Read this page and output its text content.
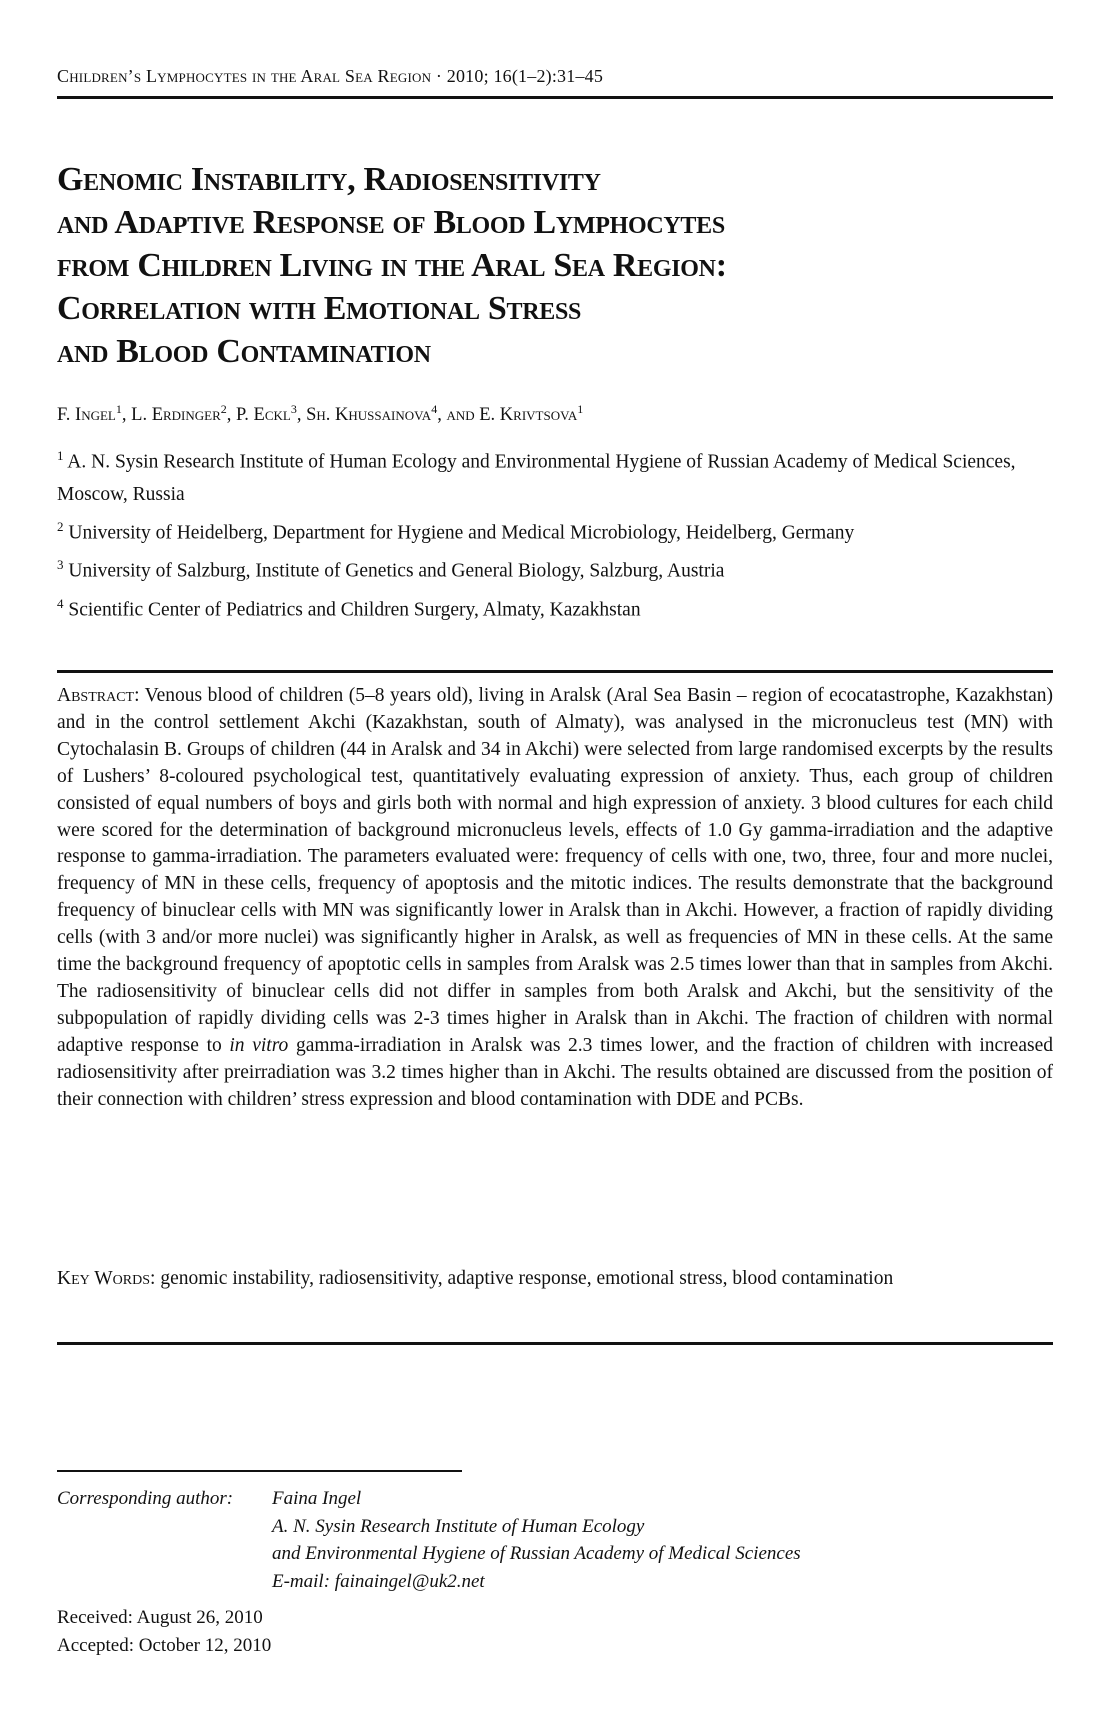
Children’s Lymphocytes in the Aral Sea Region · 2010; 16(1–2):31–45
Genomic Instability, Radiosensitivity
and Adaptive Response of Blood Lymphocytes
from Children Living in the Aral Sea Region:
Correlation with Emotional Stress
and Blood Contamination
F. Ingel$^1$, L. Erdinger$^2$, P. Eckl$^3$, Sh. Khussainova$^4$, and E. Krivtsova$^1$
$^1$ A. N. Sysin Research Institute of Human Ecology and Environmental Hygiene of Russian Academy of Medical Sciences, Moscow, Russia
$^2$ University of Heidelberg, Department for Hygiene and Medical Microbiology, Heidelberg, Germany
$^3$ University of Salzburg, Institute of Genetics and General Biology, Salzburg, Austria
$^4$ Scientific Center of Pediatrics and Children Surgery, Almaty, Kazakhstan
Abstract: Venous blood of children (5–8 years old), living in Aralsk (Aral Sea Basin – region of ecocatastrophe, Kazakhstan) and in the control settlement Akchi (Kazakhstan, south of Almaty), was analysed in the micronucleus test (MN) with Cytochalasin B. Groups of children (44 in Aralsk and 34 in Akchi) were selected from large randomised excerpts by the results of Lushers’ 8-coloured psychological test, quantitatively evaluating expression of anxiety. Thus, each group of children consisted of equal numbers of boys and girls both with normal and high expression of anxiety. 3 blood cultures for each child were scored for the determination of background micronucleus levels, effects of 1.0 Gy gamma-irradiation and the adaptive response to gamma-irradiation. The parameters evaluated were: frequency of cells with one, two, three, four and more nuclei, frequency of MN in these cells, frequency of apoptosis and the mitotic indices. The results demonstrate that the background frequency of binuclear cells with MN was significantly lower in Aralsk than in Akchi. However, a fraction of rapidly dividing cells (with 3 and/or more nuclei) was significantly higher in Aralsk, as well as frequencies of MN in these cells. At the same time the background frequency of apoptotic cells in samples from Aralsk was 2.5 times lower than that in samples from Akchi. The radiosensitivity of binuclear cells did not differ in samples from both Aralsk and Akchi, but the sensitivity of the subpopulation of rapidly dividing cells was 2-3 times higher in Aralsk than in Akchi. The fraction of children with normal adaptive response to in vitro gamma-irradiation in Aralsk was 2.3 times lower, and the fraction of children with increased radiosensitivity after preirradiation was 3.2 times higher than in Akchi. The results obtained are discussed from the position of their connection with children’ stress expression and blood contamination with DDE and PCBs.
Key Words: genomic instability, radiosensitivity, adaptive response, emotional stress, blood contamination
Corresponding author:	Faina Ingel
A. N. Sysin Research Institute of Human Ecology
and Environmental Hygiene of Russian Academy of Medical Sciences
E-mail: fainaingel@uk2.net
Received: August 26, 2010
Accepted: October 12, 2010
